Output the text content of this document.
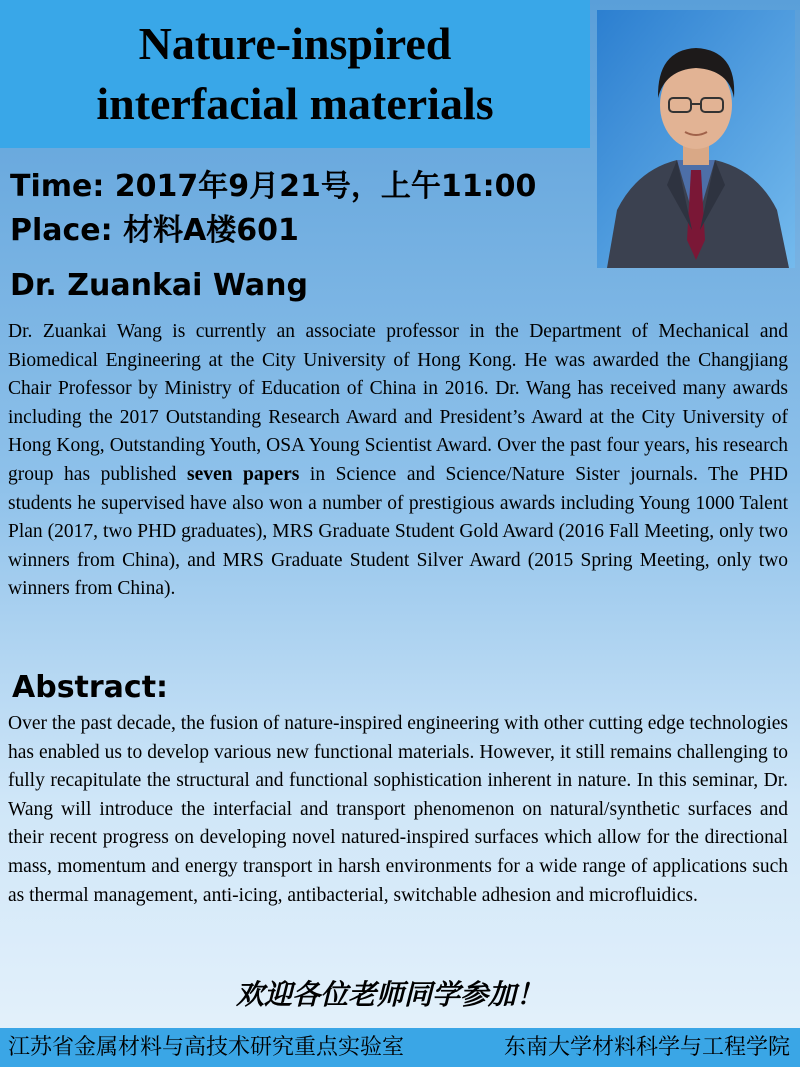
Nature-inspired
interfacial materials
Time: 2017年9月21号，上午11:00
Place: 材料A楼601
Dr. Zuankai Wang
Dr. Zuankai Wang is currently an associate professor in the Department of Mechanical and Biomedical Engineering at the City University of Hong Kong. He was awarded the Changjiang Chair Professor by Ministry of Education of China in 2016. Dr. Wang has received many awards including the 2017 Outstanding Research Award and President’s Award at the City University of Hong Kong, Outstanding Youth, OSA Young Scientist Award. Over the past four years, his research group has published seven papers in Science and Science/Nature Sister journals. The PHD students he supervised have also won a number of prestigious awards including Young 1000 Talent Plan (2017, two PHD graduates), MRS Graduate Student Gold Award (2016 Fall Meeting, only two winners from China), and MRS Graduate Student Silver Award (2015 Spring Meeting, only two winners from China).
Abstract:
Over the past decade, the fusion of nature-inspired engineering with other cutting edge technologies has enabled us to develop various new functional materials. However, it still remains challenging to fully recapitulate the structural and functional sophistication inherent in nature. In this seminar, Dr. Wang will introduce the interfacial and transport phenomenon on natural/synthetic surfaces and their recent progress on developing novel natured-inspired surfaces which allow for the directional mass, momentum and energy transport in harsh environments for a wide range of applications such as thermal management, anti-icing, antibacterial, switchable adhesion and microfluidics.
欢迎各位老师同学参加！
江苏省金属材料与高技术研究重点实验室	东南大学材料科学与工程学院
